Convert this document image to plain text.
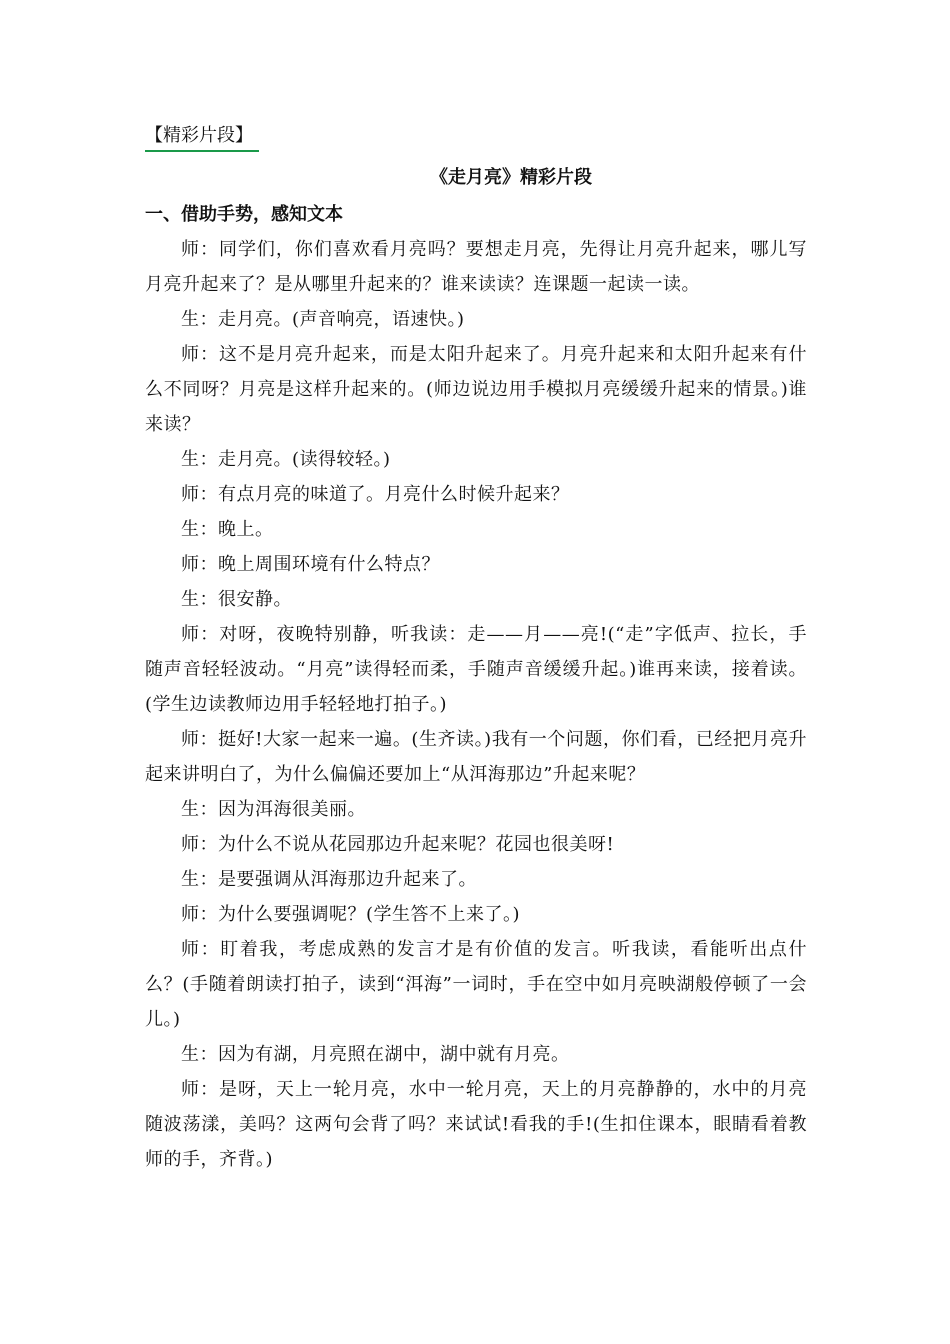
【精彩片段】
《走月亮》精彩片段

一、借助手势，感知文本

师：同学们，你们喜欢看月亮吗？要想走月亮，先得让月亮升起来，哪儿写月亮升起来了？是从哪里升起来的？谁来读读？连课题一起读一读。

生：走月亮。(声音响亮，语速快。)

师：这不是月亮升起来，而是太阳升起来了。月亮升起来和太阳升起来有什么不同呀？月亮是这样升起来的。(师边说边用手模拟月亮缓缓升起来的情景。)谁来读？

生：走月亮。(读得较轻。)

师：有点月亮的味道了。月亮什么时候升起来？

生：晚上。

师：晚上周围环境有什么特点？

生：很安静。

师：对呀，夜晚特别静，听我读：走——月——亮!(“走”字低声、拉长，手随声音轻轻波动。“月亮”读得轻而柔，手随声音缓缓升起。)谁再来读，接着读。(学生边读教师边用手轻轻地打拍子。)

师：挺好!大家一起来一遍。(生齐读。)我有一个问题，你们看，已经把月亮升起来讲明白了，为什么偏偏还要加上“从洱海那边”升起来呢？

生：因为洱海很美丽。

师：为什么不说从花园那边升起来呢？花园也很美呀!

生：是要强调从洱海那边升起来了。

师：为什么要强调呢？(学生答不上来了。)

师：盯着我，考虑成熟的发言才是有价值的发言。听我读，看能听出点什么？(手随着朗读打拍子，读到“洱海”一词时，手在空中如月亮映湖般停顿了一会儿。)

生：因为有湖，月亮照在湖中，湖中就有月亮。

师：是呀，天上一轮月亮，水中一轮月亮，天上的月亮静静的，水中的月亮随波荡漾，美吗？这两句会背了吗？来试试!看我的手!(生扣住课本，眼睛看着教师的手，齐背。)
